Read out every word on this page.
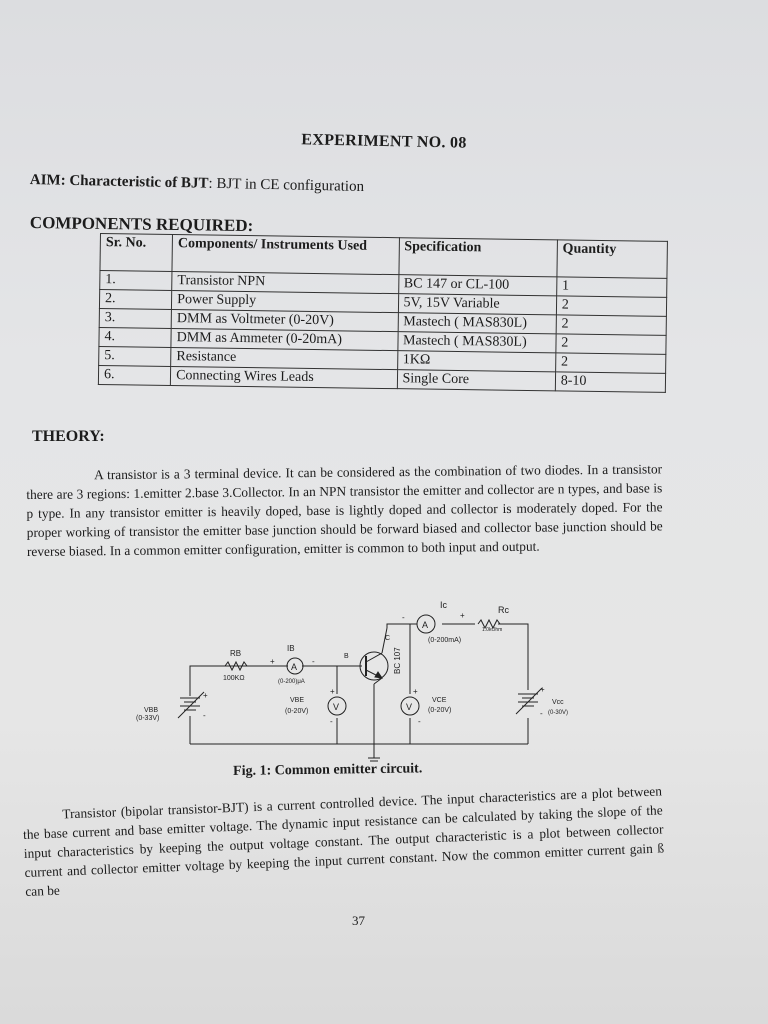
EXPERIMENT NO. 08
AIM: Characteristic of BJT: BJT in CE configuration
COMPONENTS REQUIRED:
Sr. No.	Components/ Instruments Used	Specification	Quantity
1.	Transistor NPN	BC 147 or CL-100	1
2.	Power Supply	5V, 15V Variable	2
3.	DMM as Voltmeter (0-20V)	Mastech ( MAS830L)	2
4.	DMM as Ammeter (0-20mA)	Mastech ( MAS830L)	2
5.	Resistance	1KΩ	2
6.	Connecting Wires Leads	Single Core	8-10
THEORY:
A transistor is a 3 terminal device. It can be considered as the combination of two diodes. In a transistor there are 3 regions: 1.emitter 2.base 3.Collector. In an NPN transistor the emitter and collector are n types, and base is p type. In any transistor emitter is heavily doped, base is lightly doped and collector is moderately doped. For the proper working of transistor the emitter base junction should be forward biased and collector base junction should be reverse biased. In a common emitter configuration, emitter is common to both input and output.
A
A
V	V
Ic	Rc
1.0kOhm
(0-200mA)
RB
100KΩ
IB
(0-200)μA
VBE
(0-20V)
VCE
(0-20V)
VBB
(0-33V)
Vcc
(0-30V)
B
C
BC 107
+	-
+
-
+
-
+
-
+
-
+
-
Fig. 1: Common emitter circuit.
Transistor (bipolar transistor-BJT) is a current controlled device. The input characteristics are a plot between the base current and base emitter voltage. The dynamic input resistance can be calculated by taking the slope of the input characteristics by keeping the output voltage constant. The output characteristic is a plot between collector current and collector emitter voltage by keeping the input current constant. Now the common emitter current gain ß can be
37
